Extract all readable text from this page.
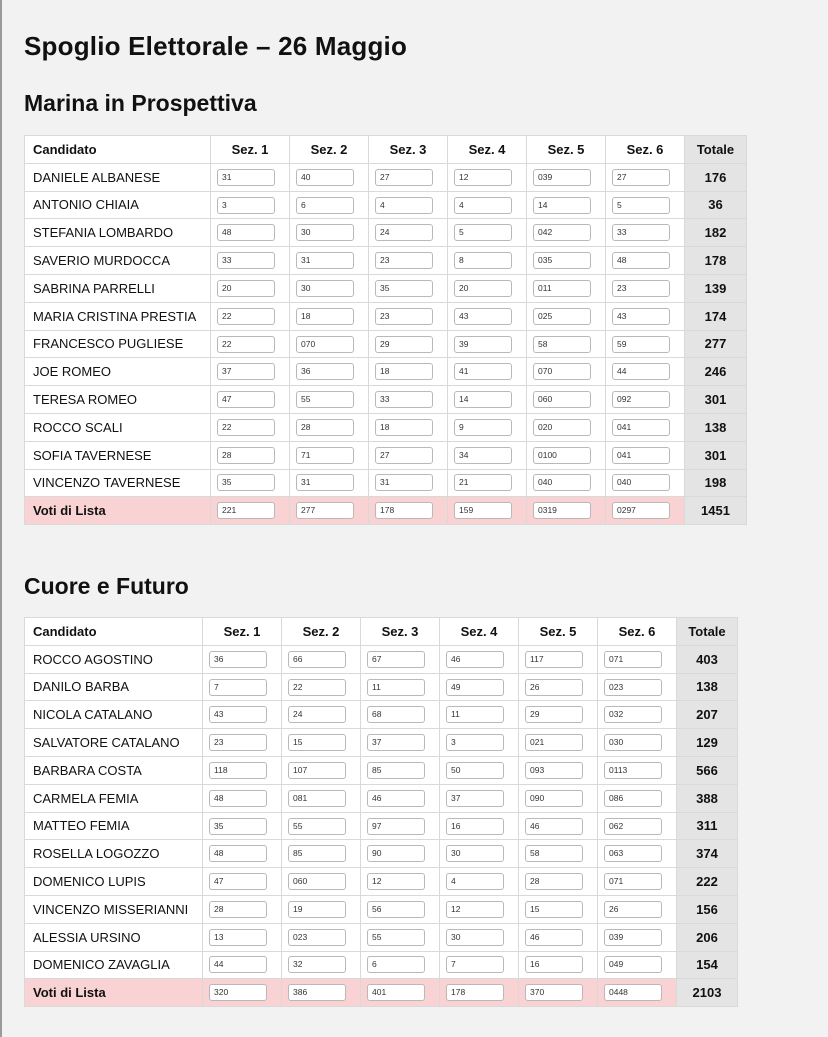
Spoglio Elettorale – 26 Maggio
Marina in Prospettiva
Candidato	Sez. 1	Sez. 2	Sez. 3	Sez. 4	Sez. 5	Sez. 6	Totale
DANIELE ALBANESE	31	40	27	12	039	27	176
ANTONIO CHIAIA	3	6	4	4	14	5	36
STEFANIA LOMBARDO	48	30	24	5	042	33	182
SAVERIO MURDOCCA	33	31	23	8	035	48	178
SABRINA PARRELLI	20	30	35	20	011	23	139
MARIA CRISTINA PRESTIA	22	18	23	43	025	43	174
FRANCESCO PUGLIESE	22	070	29	39	58	59	277
JOE ROMEO	37	36	18	41	070	44	246
TERESA ROMEO	47	55	33	14	060	092	301
ROCCO SCALI	22	28	18	9	020	041	138
SOFIA TAVERNESE	28	71	27	34	0100	041	301
VINCENZO TAVERNESE	35	31	31	21	040	040	198
Voti di Lista	221	277	178	159	0319	0297	1451
Cuore e Futuro
Candidato	Sez. 1	Sez. 2	Sez. 3	Sez. 4	Sez. 5	Sez. 6	Totale
ROCCO AGOSTINO	36	66	67	46	117	071	403
DANILO BARBA	7	22	11	49	26	023	138
NICOLA CATALANO	43	24	68	11	29	032	207
SALVATORE CATALANO	23	15	37	3	021	030	129
BARBARA COSTA	118	107	85	50	093	0113	566
CARMELA FEMIA	48	081	46	37	090	086	388
MATTEO FEMIA	35	55	97	16	46	062	311
ROSELLA LOGOZZO	48	85	90	30	58	063	374
DOMENICO LUPIS	47	060	12	4	28	071	222
VINCENZO MISSERIANNI	28	19	56	12	15	26	156
ALESSIA URSINO	13	023	55	30	46	039	206
DOMENICO ZAVAGLIA	44	32	6	7	16	049	154
Voti di Lista	320	386	401	178	370	0448	2103
